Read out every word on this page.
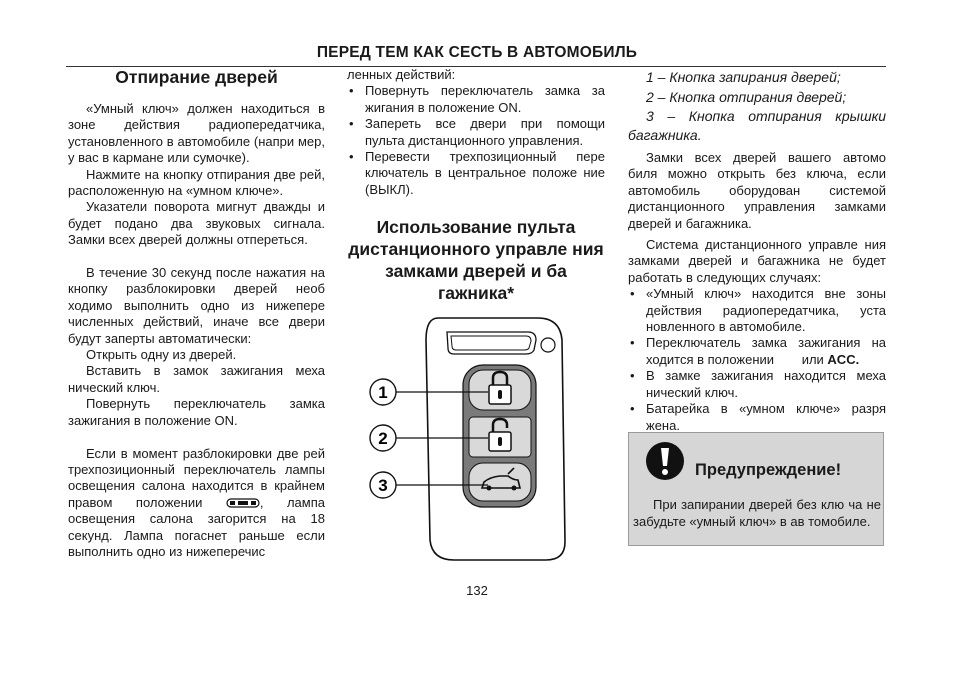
ПЕРЕД ТЕМ КАК СЕСТЬ В АВТОМОБИЛЬ
Отпирание дверей

«Умный ключ» должен находиться в зоне действия радиопередатчика, установленного в автомобиле (напри мер, у вас в кармане или сумочке).

Нажмите на кнопку отпирания две рей, расположенную на «умном ключе».

Указатели поворота мигнут дважды и будет подано два звуковых сигнала. Замки всех дверей должны отпереться.

В течение 30 секунд после нажатия на кнопку разблокировки дверей необ ходимо выполнить одно из нижепере численных действий, иначе все двери будут заперты автоматически:

Открыть одну из дверей.

Вставить в замок зажигания меха нический ключ.

Повернуть переключатель замка зажигания в положение ON.

Если в момент разблокировки две рей трехпозиционный переключатель лампы освещения салона находится в крайнем правом положении	, лампа освещения салона загорится на 18 секунд. Лампа погаснет раньше если выполнить одно из нижеперечис

ленных действий:

• Повернуть переключатель замка за жигания в положение ON.
• Запереть все двери при помощи пульта дистанционного управления.
• Перевести трехпозиционный пере ключатель в центральное положе ние (ВЫКЛ).
Использование пульта дистанционного управле ния замками дверей и ба гажника*
1
2
3

1 – Кнопка запирания дверей;

2 – Кнопка отпирания дверей;

3 – Кнопка отпирания крышки багажника.

Замки всех дверей вашего автомо биля можно открыть без ключа, если автомобиль оборудован системой дистанционного управления замками дверей и багажника.

Система дистанционного управле ния замками дверей и багажника не будет работать в следующих случаях:

• «Умный ключ» находится вне зоны действия радиопередатчика, уста новленного в автомобиле.
• Переключатель замка зажигания на ходится в положении или ACC.
• В замке зажигания находится меха нический ключ.
• Батарейка в «умном ключе» разря жена.
Предупреждение!
При запирании дверей без клю ча не забудьте «умный ключ» в ав томобиле.
132
